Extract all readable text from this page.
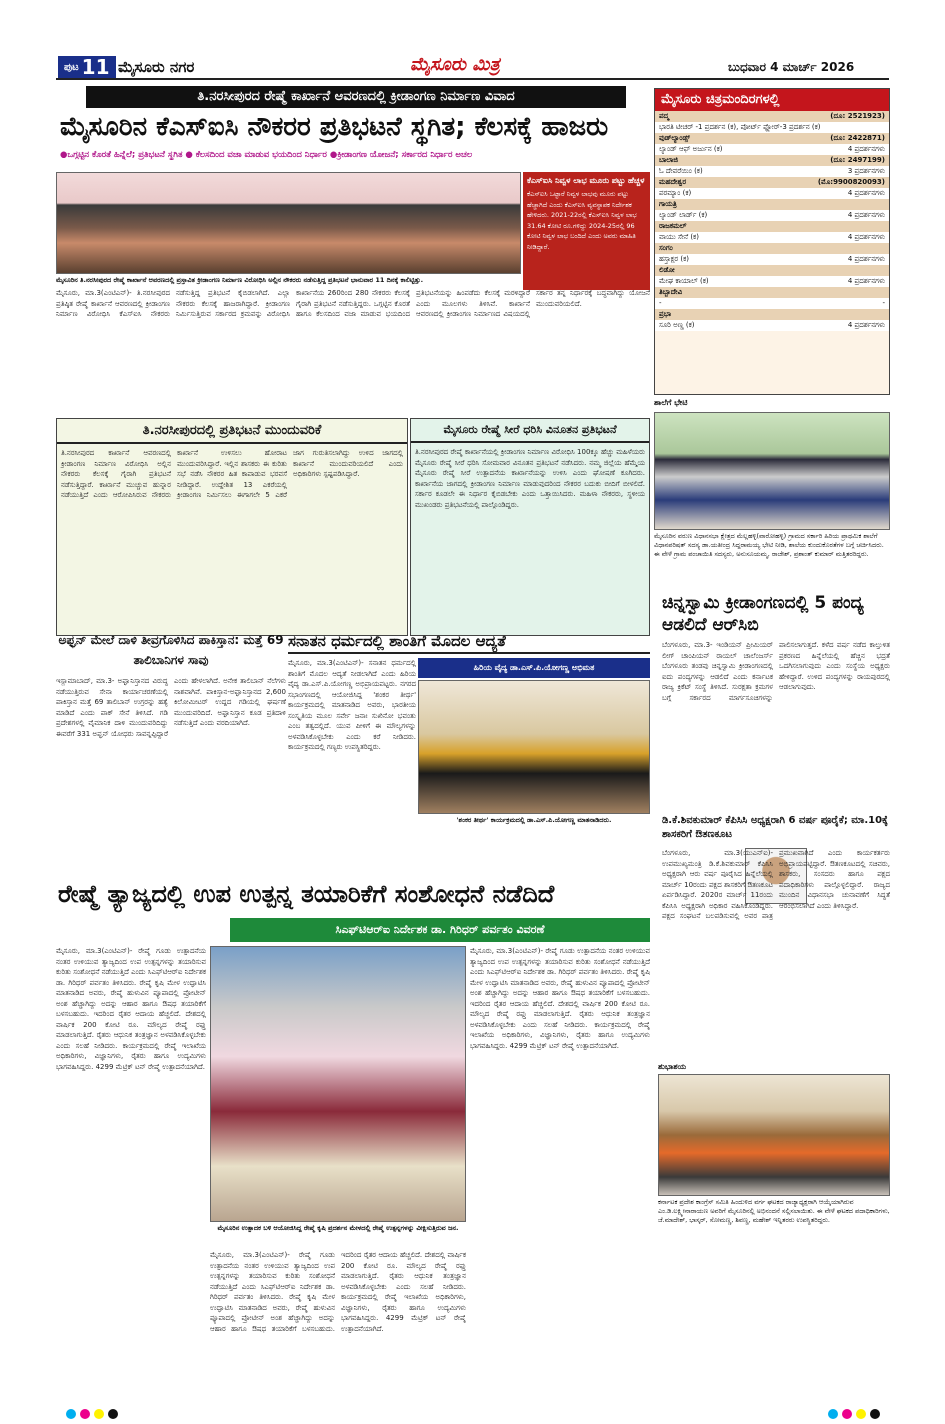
ಪುಟ 11 ಮೈಸೂರು ನಗರ	ಮೈಸೂರು ಮಿತ್ರ	ಬುಧವಾರ 4 ಮಾರ್ಚ್ 2026
ತಿ.ನರಸೀಪುರದ ರೇಷ್ಮೆ ಕಾರ್ಖಾನೆ ಆವರಣದಲ್ಲಿ ಕ್ರೀಡಾಂಗಣ ನಿರ್ಮಾಣ ವಿವಾದ
ಮೈಸೂರಿನ ಕೆಎಸ್‌ಐಸಿ ನೌಕರರ ಪ್ರತಿಭಟನೆ ಸ್ಥಗಿತ; ಕೆಲಸಕ್ಕೆ ಹಾಜರು
●ಒಗ್ಗಟ್ಟಿನ ಕೊರತೆ ಹಿನ್ನೆಲೆ; ಪ್ರತಿಭಟನೆ ಸ್ಥಗಿತ ● ಕೆಲಸದಿಂದ ವಜಾ ಮಾಡುವ ಭಯದಿಂದ ನಿರ್ಧಾರ ●ಕ್ರೀಡಾಂಗಣ ಯೋಜನೆ; ಸರ್ಕಾರದ ನಿರ್ಧಾರ ಅಚಲ
ಮೈಸೂರಿನ ತಿ.ನರಸೀಪುರದ ರೇಷ್ಮೆ ಕಾರ್ಖಾನೆ ಆವರಣದಲ್ಲಿ ಪ್ರಸ್ತಾವಿತ ಕ್ರೀಡಾಂಗಣ ನಿರ್ಮಾಣ ವಿರೋಧಿಸಿ ಅಲ್ಲಿನ ನೌಕರರು ನಡೆಸುತ್ತಿದ್ದ ಪ್ರತಿಭಟನೆ ಭಾನುವಾರ 11 ದಿನಕ್ಕೆ ಕಾಲಿಟ್ಟಿತ್ತು.
ಕೆಎಸ್‌ಐಸಿ ನಿವ್ವಳ ಲಾಭ ಮೂರು ಪಟ್ಟು ಹೆಚ್ಚಳ
ಕೆಎಸ್‌ಐಸಿ ಒಟ್ಟಾರೆ ನಿವ್ವಳ ಲಾಭವು ಮೂರು ಪಟ್ಟು ಹೆಚ್ಚಾಗಿದೆ ಎಂದು ಕೆಎಸ್‌ಐಸಿ ವ್ಯವಸ್ಥಾಪಕ ನಿರ್ದೇಶಕ ಹೇಳಿದರು. 2021-22ರಲ್ಲಿ ಕೆಎಸ್‌ಐಸಿ ನಿವ್ವಳ ಲಾಭ 31.64 ಕೋಟಿ ರೂ.ಗಳಿದ್ದು 2024-25ರಲ್ಲಿ 96 ಕೋಟಿ ನಿವ್ವಳ ಲಾಭ ಬಂದಿದೆ ಎಂದು ಅವರು ಮಾಹಿತಿ ನೀಡಿದ್ದಾರೆ.
ಮೈಸೂರು, ಮಾ.3(ಎಂಟಿಎನ್)- ತಿ.ನರಸೀಪುರದ ಪ್ರತಿಷ್ಠಿತ ರೇಷ್ಮೆ ಕಾರ್ಖಾನೆ ಆವರಣದಲ್ಲಿ ಕ್ರೀಡಾಂಗಣ ನಿರ್ಮಾಣ ವಿರೋಧಿಸಿ ಕೆಎಸ್‌ಐಸಿ ನೌಕರರು ನಡೆಸುತ್ತಿದ್ದ ಪ್ರತಿಭಟನೆ ಕೈಬಿಡಲಾಗಿದೆ. ಎಲ್ಲಾ ನೌಕರರು ಕೆಲಸಕ್ಕೆ ಹಾಜರಾಗಿದ್ದಾರೆ. ಕ್ರೀಡಾಂಗಣ ನಿರ್ಮಿಸುತ್ತಿರುವ ಸರ್ಕಾರದ ಕ್ರಮವನ್ನು ವಿರೋಧಿಸಿ ಕಾರ್ಖಾನೆಯ 260ರಿಂದ 280 ನೌಕರರು ಕೆಲಸಕ್ಕೆ ಗೈರಾಗಿ ಪ್ರತಿಭಟನೆ ನಡೆಸುತ್ತಿದ್ದರು. ಒಗ್ಗಟ್ಟಿನ ಕೊರತೆ ಹಾಗೂ ಕೆಲಸದಿಂದ ವಜಾ ಮಾಡುವ ಭಯದಿಂದ ಪ್ರತಿಭಟನೆಯನ್ನು ಹಿಂಪಡೆದು ಕೆಲಸಕ್ಕೆ ಮರಳಿದ್ದಾರೆ ಎಂದು ಮೂಲಗಳು ತಿಳಿಸಿವೆ. ಕಾರ್ಖಾನೆ ಆವರಣದಲ್ಲಿ ಕ್ರೀಡಾಂಗಣ ನಿರ್ಮಾಣದ ವಿಷಯದಲ್ಲಿ ಸರ್ಕಾರ ತನ್ನ ನಿರ್ಧಾರಕ್ಕೆ ಬದ್ಧವಾಗಿದ್ದು ಯೋಜನೆ ಮುಂದುವರಿಯಲಿದೆ.
ತಿ.ನರಸೀಪುರದಲ್ಲಿ ಪ್ರತಿಭಟನೆ ಮುಂದುವರಿಕೆ
ತಿ.ನರಸೀಪುರದ ಕಾರ್ಖಾನೆ ಆವರಣದಲ್ಲಿ ಕ್ರೀಡಾಂಗಣ ನಿರ್ಮಾಣ ವಿರೋಧಿಸಿ ಅಲ್ಲಿನ ನೌಕರರು ಕೆಲಸಕ್ಕೆ ಗೈರಾಗಿ ಪ್ರತಿಭಟನೆ ನಡೆಸುತ್ತಿದ್ದಾರೆ. ಕಾರ್ಖಾನೆ ಮುಚ್ಚುವ ಹುನ್ನಾರ ನಡೆಯುತ್ತಿದೆ ಎಂದು ಆರೋಪಿಸಿರುವ ನೌಕರರು ಕಾರ್ಖಾನೆ ಉಳಿಸಲು ಹೋರಾಟ ಮುಂದುವರಿಸಿದ್ದಾರೆ. ಇಲ್ಲಿನ ಶಾಸಕರು ಈ ಕುರಿತು ಸಭೆ ನಡೆಸಿ ನೌಕರರ ಹಿತ ಕಾಪಾಡುವ ಭರವಸೆ ನೀಡಿದ್ದಾರೆ. ಉದ್ದೇಶಿತ 13 ಎಕರೆಯಲ್ಲಿ ಕ್ರೀಡಾಂಗಣ ನಿರ್ಮಿಸಲು ಈಗಾಗಲೇ 5 ಎಕರೆ ಜಾಗ ಗುರುತಿಸಲಾಗಿದ್ದು ಉಳಿದ ಜಾಗದಲ್ಲಿ ಕಾರ್ಖಾನೆ ಮುಂದುವರಿಯಲಿದೆ ಎಂದು ಅಧಿಕಾರಿಗಳು ಸ್ಪಷ್ಟಪಡಿಸಿದ್ದಾರೆ.
ಮೈಸೂರು ರೇಷ್ಮೆ ಸೀರೆ ಧರಿಸಿ ವಿನೂತನ ಪ್ರತಿಭಟನೆ
ತಿ.ನರಸೀಪುರದ ರೇಷ್ಮೆ ಕಾರ್ಖಾನೆಯಲ್ಲಿ ಕ್ರೀಡಾಂಗಣ ನಿರ್ಮಾಣ ವಿರೋಧಿಸಿ 100ಕ್ಕೂ ಹೆಚ್ಚು ಮಹಿಳೆಯರು ಮೈಸೂರು ರೇಷ್ಮೆ ಸೀರೆ ಧರಿಸಿ ಸೋಮವಾರ ವಿನೂತನ ಪ್ರತಿಭಟನೆ ನಡೆಸಿದರು. ನಮ್ಮ ಜಿಲ್ಲೆಯ ಹೆಮ್ಮೆಯ ಮೈಸೂರು ರೇಷ್ಮೆ ಸೀರೆ ಉತ್ಪಾದನೆಯ ಕಾರ್ಖಾನೆಯನ್ನು ಉಳಿಸಿ ಎಂದು ಘೋಷಣೆ ಕೂಗಿದರು. ಕಾರ್ಖಾನೆಯ ಜಾಗದಲ್ಲಿ ಕ್ರೀಡಾಂಗಣ ನಿರ್ಮಾಣ ಮಾಡುವುದರಿಂದ ನೌಕರರ ಬದುಕು ಬೀದಿಗೆ ಬೀಳಲಿದೆ. ಸರ್ಕಾರ ಕೂಡಲೇ ಈ ನಿರ್ಧಾರ ಕೈಬಿಡಬೇಕು ಎಂದು ಒತ್ತಾಯಿಸಿದರು. ಮಹಿಳಾ ನೌಕರರು, ಸ್ಥಳೀಯ ಮುಖಂಡರು ಪ್ರತಿಭಟನೆಯಲ್ಲಿ ಪಾಲ್ಗೊಂಡಿದ್ದರು.
ಮೈಸೂರು ಚಿತ್ರಮಂದಿರಗಳಲ್ಲಿ
ಪದ್ಮ	(ದೂ: 2521923)
ಭಾರತಿ ಟೀಚರ್ -1 ಪ್ರದರ್ಶನ (ಕ), ಪೋರ್ಟ್ ಫ್ಲೋರ್-3 ಪ್ರದರ್ಶನ (ಕ)
ವುಡ್‌ಲ್ಯಾಂಡ್ಸ್	(ದೂ: 2422871)
ಲ್ಯಾಂಡ್ ಆಫ್ ಅರ್ಜುನ (ಕ)	4 ಪ್ರದರ್ಶನಗಳು
ಬಾಲಾಜಿ	(ದೂ: 2497199)
ಓ ದೇವರೆಯಿಂ (ಕ)	3 ಪ್ರದರ್ಶನಗಳು
ಮಹದೇಶ್ವರ	(ಮೊ:9900820093)
ಪರಮ್ಯಾಂ (ಕ)	4 ಪ್ರದರ್ಶನಗಳು
ಗಾಯತ್ರಿ
ಲ್ಯಾಂಡ್ ಲಾರ್ಡ್ (ಕ)	4 ಪ್ರದರ್ಶನಗಳು
ರಾಜಕಮಲ್
ವಾಯು ಸೇನೆ (ಕ)	4 ಪ್ರದರ್ಶನಗಳು
ಸಂಗಂ
ಹಸ್ತಾಕ್ಷರ (ಕ)	4 ಪ್ರದರ್ಶನಗಳು
ಲಿಡೋ
ಮೇಘ ಕಾಯಾಲ್ (ಕ)	4 ಪ್ರದರ್ಶನಗಳು
ತಿಬ್ಬಾದೇವಿ
-	-
ಪ್ರಭಾ
ಸೂರಿ ಅಣ್ಣ (ಕ)	4 ಪ್ರದರ್ಶನಗಳು
ಶಾಲೆಗೆ ಭೇಟಿ
ಮೈಸೂರಿನ ವರುಣ ವಿಧಾನಸಭಾ ಕ್ಷೇತ್ರದ ಮೆಲ್ಲಹಳ್ಳಿ(ವಾರೋಹಳ್ಳಿ) ಗ್ರಾಮದ ಸರ್ಕಾರಿ ಹಿರಿಯ ಪ್ರಾಥಮಿಕ ಶಾಲೆಗೆ ವಿಧಾನಪರಿಷತ್ ಸದಸ್ಯ ಡಾ.ಯತೀಂದ್ರ ಸಿದ್ದರಾಮಯ್ಯ ಭೇಟಿ ನೀಡಿ, ಶಾಲೆಯ ಕುಂದುಕೊರತೆಗಳ ಬಗ್ಗೆ ಚರ್ಚಿಸಿದರು. ಈ ವೇಳೆ ಗ್ರಾಮ ಪಂಚಾಯಿತಿ ಸದಸ್ಯರು, ಅನುಸೂಯಮ್ಮ, ರಾಜೇಶ್, ಪ್ರಶಾಂತ್ ಕುಮಾರ್ ಮತ್ತಿತರರಿದ್ದರು.
ಚಿನ್ನಸ್ವಾಮಿ ಕ್ರೀಡಾಂಗಣದಲ್ಲಿ 5 ಪಂದ್ಯ ಆಡಲಿದೆ ಆರ್‌ಸಿಬಿ
ಬೆಂಗಳೂರು, ಮಾ.3- ಇಂಡಿಯನ್ ಪ್ರೀಮಿಯರ್ ಲೀಗ್ ಚಾಂಪಿಯನ್ ರಾಯಲ್ ಚಾಲೆಂಜರ್ಸ್ ಬೆಂಗಳೂರು ತಂಡವು ಚಿನ್ನಸ್ವಾಮಿ ಕ್ರೀಡಾಂಗಣದಲ್ಲಿ ಐದು ಪಂದ್ಯಗಳನ್ನು ಆಡಲಿದೆ ಎಂದು ಕರ್ನಾಟಕ ರಾಜ್ಯ ಕ್ರಿಕೆಟ್ ಸಂಸ್ಥೆ ತಿಳಿಸಿದೆ. ಸುರಕ್ಷತಾ ಕ್ರಮಗಳ ಬಗ್ಗೆ ಸರ್ಕಾರದ ಮಾರ್ಗಸೂಚಿಗಳನ್ನು ಪಾಲಿಸಲಾಗುತ್ತದೆ. ಕಳೆದ ವರ್ಷ ನಡೆದ ಕಾಲ್ತುಳಿತ ಪ್ರಕರಣದ ಹಿನ್ನೆಲೆಯಲ್ಲಿ ಹೆಚ್ಚಿನ ಭದ್ರತೆ ಒದಗಿಸಲಾಗುವುದು ಎಂದು ಸಂಸ್ಥೆಯ ಅಧ್ಯಕ್ಷರು ಹೇಳಿದ್ದಾರೆ. ಉಳಿದ ಪಂದ್ಯಗಳನ್ನು ರಾಯಪುರದಲ್ಲಿ ಆಡಲಾಗುವುದು.
ಡಿ.ಕೆ.ಶಿವಕುಮಾರ್ ಕೆಪಿಸಿಸಿ ಅಧ್ಯಕ್ಷರಾಗಿ 6 ವರ್ಷ ಪೂರೈಕೆ; ಮಾ.10ಕ್ಕೆ ಶಾಸಕರಿಗೆ ಔತಣಕೂಟ
ಬೆಂಗಳೂರು, ಮಾ.3(ಯುಎನ್‌ಐ)- ಉಪಮುಖ್ಯಮಂತ್ರಿ ಡಿ.ಕೆ.ಶಿವಕುಮಾರ್ ಕೆಪಿಸಿಸಿ ಅಧ್ಯಕ್ಷರಾಗಿ ಆರು ವರ್ಷ ಪೂರೈಸಿದ ಹಿನ್ನೆಲೆಯಲ್ಲಿ ಮಾರ್ಚ್ 10ರಂದು ಪಕ್ಷದ ಶಾಸಕರಿಗೆ ಔತಣಕೂಟ ಏರ್ಪಡಿಸಿದ್ದಾರೆ. 2020ರ ಮಾರ್ಚ್ 11ರಂದು ಕೆಪಿಸಿಸಿ ಅಧ್ಯಕ್ಷರಾಗಿ ಅಧಿಕಾರ ವಹಿಸಿಕೊಂಡಿದ್ದರು. ಪಕ್ಷದ ಸಂಘಟನೆ ಬಲಪಡಿಸುವಲ್ಲಿ ಅವರ ಪಾತ್ರ ಪ್ರಮುಖವಾಗಿದೆ ಎಂದು ಕಾರ್ಯಕರ್ತರು ಅಭಿಪ್ರಾಯಪಟ್ಟಿದ್ದಾರೆ. ಔತಣಕೂಟದಲ್ಲಿ ಸಚಿವರು, ಶಾಸಕರು, ಸಂಸದರು ಹಾಗೂ ಪಕ್ಷದ ಪದಾಧಿಕಾರಿಗಳು ಪಾಲ್ಗೊಳ್ಳಲಿದ್ದಾರೆ. ರಾಜ್ಯದ ಮುಂದಿನ ವಿಧಾನಸಭಾ ಚುನಾವಣೆಗೆ ಸಿದ್ಧತೆ ಆರಂಭಿಸಲಾಗಿದೆ ಎಂದು ತಿಳಿಸಿದ್ದಾರೆ.
ಶುಭಾಶಯ
ಕರ್ನಾಟಕ ಪ್ರದೇಶ ಕಾಂಗ್ರೆಸ್ ಸಮಿತಿ ಹಿಂದುಳಿದ ವರ್ಗ ಘಟಕದ ರಾಜ್ಯಾಧ್ಯಕ್ಷರಾಗಿ ಆಯ್ಕೆಯಾಗಿರುವ ಎಂ.ಡಿ.ಲಕ್ಷ್ಮೀನಾರಾಯಣ ಅವರಿಗೆ ಮೈಸೂರಿನಲ್ಲಿ ಅಭಿನಂದನೆ ಸಲ್ಲಿಸಲಾಯಿತು. ಈ ವೇಳೆ ಘಟಕದ ಪದಾಧಿಕಾರಿಗಳು, ಜೆ.ಮಾದೇಶ್, ಭಾಸ್ಕರ್, ಸೋಮಣ್ಣ, ಶಿವಣ್ಣ, ಮಹೇಶ್ ಇನ್ನಿತರರು ಉಪಸ್ಥಿತರಿದ್ದರು.
ಅಫ್ಘನ್ ಮೇಲೆ ದಾಳಿ ತೀವ್ರಗೊಳಿಸಿದ ಪಾಕಿಸ್ತಾನ: ಮತ್ತೆ 69 ತಾಲಿಬಾನಿಗಳ ಸಾವು
ಇಸ್ಲಾಮಾಬಾದ್, ಮಾ.3- ಅಫ್ಘಾನಿಸ್ತಾನದ ವಿರುದ್ಧ ನಡೆಯುತ್ತಿರುವ ಸೇನಾ ಕಾರ್ಯಾಚರಣೆಯಲ್ಲಿ ಪಾಕಿಸ್ತಾನ ಮತ್ತೆ 69 ತಾಲಿಬಾನ್ ಉಗ್ರರನ್ನು ಹತ್ಯೆ ಮಾಡಿದೆ ಎಂದು ಪಾಕ್ ಸೇನೆ ತಿಳಿಸಿದೆ. ಗಡಿ ಪ್ರದೇಶಗಳಲ್ಲಿ ವೈಮಾನಿಕ ದಾಳಿ ಮುಂದುವರಿದಿದ್ದು ಈವರೆಗೆ 331 ಅಫ್ಘನ್ ಯೋಧರು ಸಾವನ್ನಪ್ಪಿದ್ದಾರೆ ಎಂದು ಹೇಳಲಾಗಿದೆ. ಅನೇಕ ತಾಲಿಬಾನ್ ನೆಲೆಗಳು ನಾಶವಾಗಿವೆ. ಪಾಕಿಸ್ತಾನ-ಅಫ್ಘಾನಿಸ್ತಾನದ 2,600 ಕಿಲೋಮೀಟರ್ ಉದ್ದದ ಗಡಿಯಲ್ಲಿ ಘರ್ಷಣೆ ಮುಂದುವರಿದಿದೆ. ಅಫ್ಘಾನಿಸ್ತಾನ ಕೂಡ ಪ್ರತಿದಾಳಿ ನಡೆಸುತ್ತಿದೆ ಎಂದು ವರದಿಯಾಗಿದೆ.
ಸನಾತನ ಧರ್ಮದಲ್ಲಿ ಶಾಂತಿಗೆ ಮೊದಲ ಆದ್ಯತೆ
ಮೈಸೂರು, ಮಾ.3(ಎಂಟಿಎನ್)- ಸನಾತನ ಧರ್ಮದಲ್ಲಿ ಶಾಂತಿಗೆ ಮೊದಲ ಆದ್ಯತೆ ನೀಡಲಾಗಿದೆ ಎಂದು ಹಿರಿಯ ವೈದ್ಯ ಡಾ.ಎಸ್.ಪಿ.ಯೋಗಣ್ಣ ಅಭಿಪ್ರಾಯಪಟ್ಟರು. ನಗರದ ಸಭಾಂಗಣದಲ್ಲಿ ಆಯೋಜಿಸಿದ್ದ 'ಶಂಕರ ತೀರ್ಥ' ಕಾರ್ಯಕ್ರಮದಲ್ಲಿ ಮಾತನಾಡಿದ ಅವರು, ಭಾರತೀಯ ಸಂಸ್ಕೃತಿಯ ಮೂಲ ಸರ್ವೇ ಜನಾಃ ಸುಖಿನೋ ಭವಂತು ಎಂಬ ತತ್ವದಲ್ಲಿದೆ. ಯುವ ಪೀಳಿಗೆ ಈ ಮೌಲ್ಯಗಳನ್ನು ಅಳವಡಿಸಿಕೊಳ್ಳಬೇಕು ಎಂದು ಕರೆ ನೀಡಿದರು. ಕಾರ್ಯಕ್ರಮದಲ್ಲಿ ಗಣ್ಯರು ಉಪಸ್ಥಿತರಿದ್ದರು.
ಹಿರಿಯ ವೈದ್ಯ ಡಾ.ಎಸ್.ಪಿ.ಯೋಗಣ್ಣ ಅಭಿಮತ
'ಶಂಕರ ತೀರ್ಥ' ಕಾರ್ಯಕ್ರಮದಲ್ಲಿ ಡಾ.ಎಸ್.ಪಿ.ಯೋಗಣ್ಣ ಮಾತನಾಡಿದರು.
ರೇಷ್ಮೆ ತ್ಯಾಜ್ಯದಲ್ಲಿ ಉಪ ಉತ್ಪನ್ನ ತಯಾರಿಕೆಗೆ ಸಂಶೋಧನೆ ನಡೆದಿದೆ
ಸಿಎಫ್‌ಟಿಆರ್‌ಐ ನಿರ್ದೇಶಕ ಡಾ. ಗಿರಿಧರ್ ಪರ್ವತಂ ವಿವರಣೆ
ಮೈಸೂರಿನ ಉತ್ಪಾದಕ ಬಳಿ ಆಯೋಜಿಸಿದ್ದ ರೇಷ್ಮೆ ಕೃಷಿ ಪ್ರದರ್ಶನ ಮೇಳದಲ್ಲಿ ರೇಷ್ಮೆ ಉತ್ಪನ್ನಗಳನ್ನು ವೀಕ್ಷಿಸುತ್ತಿರುವ ಜನ.
ಮೈಸೂರು, ಮಾ.3(ಎಂಟಿಎನ್)- ರೇಷ್ಮೆ ಗೂಡು ಉತ್ಪಾದನೆಯ ನಂತರ ಉಳಿಯುವ ತ್ಯಾಜ್ಯದಿಂದ ಉಪ ಉತ್ಪನ್ನಗಳನ್ನು ತಯಾರಿಸುವ ಕುರಿತು ಸಂಶೋಧನೆ ನಡೆಯುತ್ತಿದೆ ಎಂದು ಸಿಎಫ್‌ಟಿಆರ್‌ಐ ನಿರ್ದೇಶಕ ಡಾ. ಗಿರಿಧರ್ ಪರ್ವತಂ ತಿಳಿಸಿದರು. ರೇಷ್ಮೆ ಕೃಷಿ ಮೇಳ ಉದ್ಘಾಟಿಸಿ ಮಾತನಾಡಿದ ಅವರು, ರೇಷ್ಮೆ ಹುಳುವಿನ ಪ್ಯೂಪಾದಲ್ಲಿ ಪ್ರೋಟೀನ್ ಅಂಶ ಹೆಚ್ಚಾಗಿದ್ದು ಅದನ್ನು ಆಹಾರ ಹಾಗೂ ಔಷಧ ತಯಾರಿಕೆಗೆ ಬಳಸಬಹುದು. ಇದರಿಂದ ರೈತರ ಆದಾಯ ಹೆಚ್ಚಲಿದೆ. ದೇಶದಲ್ಲಿ ವಾರ್ಷಿಕ 200 ಕೋಟಿ ರೂ. ಮೌಲ್ಯದ ರೇಷ್ಮೆ ರಫ್ತು ಮಾಡಲಾಗುತ್ತಿದೆ. ರೈತರು ಆಧುನಿಕ ತಂತ್ರಜ್ಞಾನ ಅಳವಡಿಸಿಕೊಳ್ಳಬೇಕು ಎಂದು ಸಲಹೆ ನೀಡಿದರು. ಕಾರ್ಯಕ್ರಮದಲ್ಲಿ ರೇಷ್ಮೆ ಇಲಾಖೆಯ ಅಧಿಕಾರಿಗಳು, ವಿಜ್ಞಾನಿಗಳು, ರೈತರು ಹಾಗೂ ಉದ್ಯಮಿಗಳು ಭಾಗವಹಿಸಿದ್ದರು. 4299 ಮೆಟ್ರಿಕ್ ಟನ್ ರೇಷ್ಮೆ ಉತ್ಪಾದನೆಯಾಗಿದೆ.
ಮೈಸೂರು, ಮಾ.3(ಎಂಟಿಎನ್)- ರೇಷ್ಮೆ ಗೂಡು ಉತ್ಪಾದನೆಯ ನಂತರ ಉಳಿಯುವ ತ್ಯಾಜ್ಯದಿಂದ ಉಪ ಉತ್ಪನ್ನಗಳನ್ನು ತಯಾರಿಸುವ ಕುರಿತು ಸಂಶೋಧನೆ ನಡೆಯುತ್ತಿದೆ ಎಂದು ಸಿಎಫ್‌ಟಿಆರ್‌ಐ ನಿರ್ದೇಶಕ ಡಾ. ಗಿರಿಧರ್ ಪರ್ವತಂ ತಿಳಿಸಿದರು. ರೇಷ್ಮೆ ಕೃಷಿ ಮೇಳ ಉದ್ಘಾಟಿಸಿ ಮಾತನಾಡಿದ ಅವರು, ರೇಷ್ಮೆ ಹುಳುವಿನ ಪ್ಯೂಪಾದಲ್ಲಿ ಪ್ರೋಟೀನ್ ಅಂಶ ಹೆಚ್ಚಾಗಿದ್ದು ಅದನ್ನು ಆಹಾರ ಹಾಗೂ ಔಷಧ ತಯಾರಿಕೆಗೆ ಬಳಸಬಹುದು. ಇದರಿಂದ ರೈತರ ಆದಾಯ ಹೆಚ್ಚಲಿದೆ. ದೇಶದಲ್ಲಿ ವಾರ್ಷಿಕ 200 ಕೋಟಿ ರೂ. ಮೌಲ್ಯದ ರೇಷ್ಮೆ ರಫ್ತು ಮಾಡಲಾಗುತ್ತಿದೆ. ರೈತರು ಆಧುನಿಕ ತಂತ್ರಜ್ಞಾನ ಅಳವಡಿಸಿಕೊಳ್ಳಬೇಕು ಎಂದು ಸಲಹೆ ನೀಡಿದರು. ಕಾರ್ಯಕ್ರಮದಲ್ಲಿ ರೇಷ್ಮೆ ಇಲಾಖೆಯ ಅಧಿಕಾರಿಗಳು, ವಿಜ್ಞಾನಿಗಳು, ರೈತರು ಹಾಗೂ ಉದ್ಯಮಿಗಳು ಭಾಗವಹಿಸಿದ್ದರು. 4299 ಮೆಟ್ರಿಕ್ ಟನ್ ರೇಷ್ಮೆ ಉತ್ಪಾದನೆಯಾಗಿದೆ.
ಮೈಸೂರು, ಮಾ.3(ಎಂಟಿಎನ್)- ರೇಷ್ಮೆ ಗೂಡು ಉತ್ಪಾದನೆಯ ನಂತರ ಉಳಿಯುವ ತ್ಯಾಜ್ಯದಿಂದ ಉಪ ಉತ್ಪನ್ನಗಳನ್ನು ತಯಾರಿಸುವ ಕುರಿತು ಸಂಶೋಧನೆ ನಡೆಯುತ್ತಿದೆ ಎಂದು ಸಿಎಫ್‌ಟಿಆರ್‌ಐ ನಿರ್ದೇಶಕ ಡಾ. ಗಿರಿಧರ್ ಪರ್ವತಂ ತಿಳಿಸಿದರು. ರೇಷ್ಮೆ ಕೃಷಿ ಮೇಳ ಉದ್ಘಾಟಿಸಿ ಮಾತನಾಡಿದ ಅವರು, ರೇಷ್ಮೆ ಹುಳುವಿನ ಪ್ಯೂಪಾದಲ್ಲಿ ಪ್ರೋಟೀನ್ ಅಂಶ ಹೆಚ್ಚಾಗಿದ್ದು ಅದನ್ನು ಆಹಾರ ಹಾಗೂ ಔಷಧ ತಯಾರಿಕೆಗೆ ಬಳಸಬಹುದು. ಇದರಿಂದ ರೈತರ ಆದಾಯ ಹೆಚ್ಚಲಿದೆ. ದೇಶದಲ್ಲಿ ವಾರ್ಷಿಕ 200 ಕೋಟಿ ರೂ. ಮೌಲ್ಯದ ರೇಷ್ಮೆ ರಫ್ತು ಮಾಡಲಾಗುತ್ತಿದೆ. ರೈತರು ಆಧುನಿಕ ತಂತ್ರಜ್ಞಾನ ಅಳವಡಿಸಿಕೊಳ್ಳಬೇಕು ಎಂದು ಸಲಹೆ ನೀಡಿದರು. ಕಾರ್ಯಕ್ರಮದಲ್ಲಿ ರೇಷ್ಮೆ ಇಲಾಖೆಯ ಅಧಿಕಾರಿಗಳು, ವಿಜ್ಞಾನಿಗಳು, ರೈತರು ಹಾಗೂ ಉದ್ಯಮಿಗಳು ಭಾಗವಹಿಸಿದ್ದರು. 4299 ಮೆಟ್ರಿಕ್ ಟನ್ ರೇಷ್ಮೆ ಉತ್ಪಾದನೆಯಾಗಿದೆ.
